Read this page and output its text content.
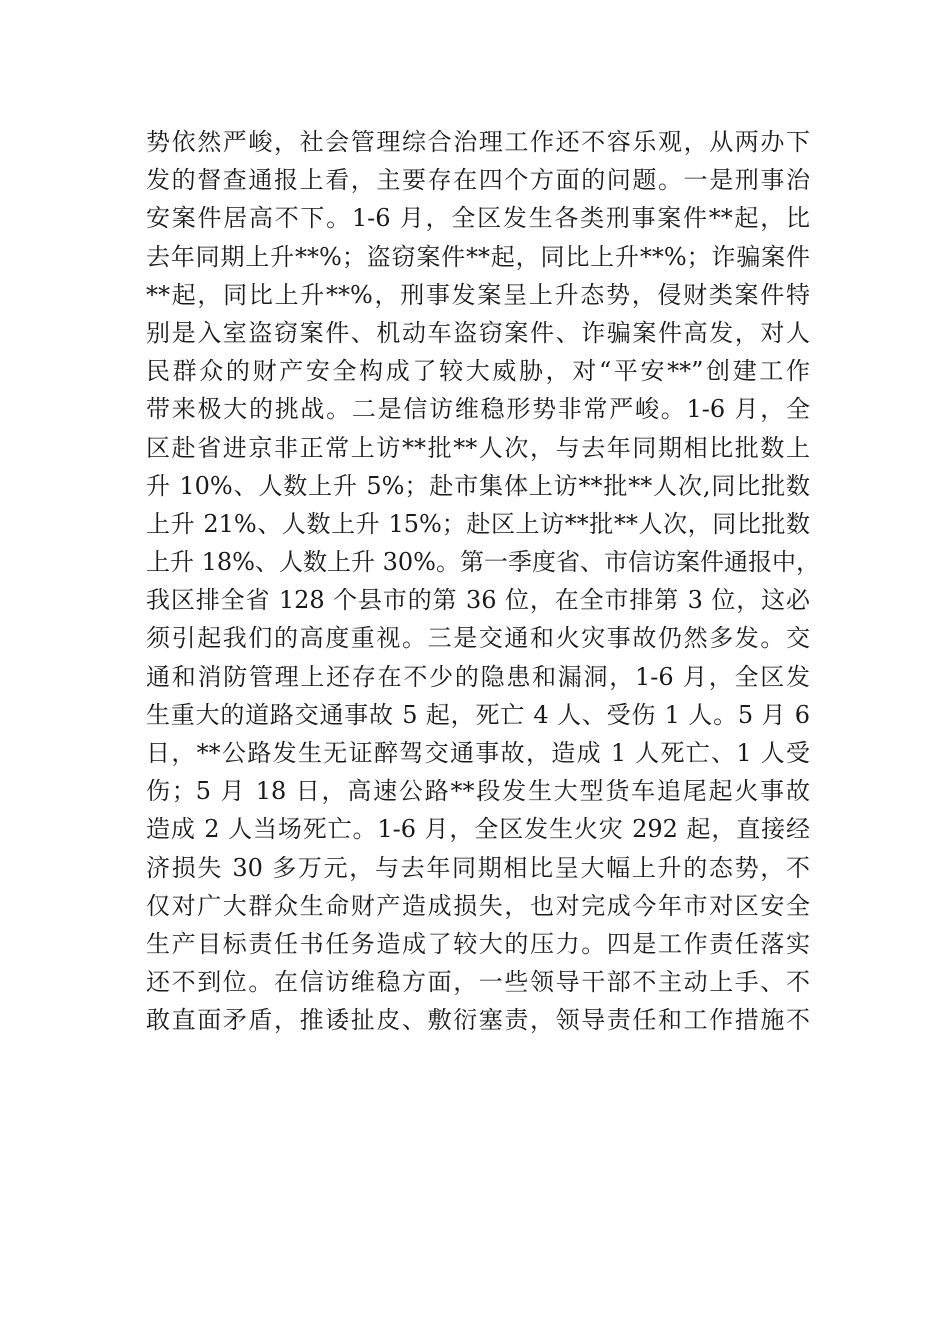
势依然严峻，社会管理综合治理工作还不容乐观，从两办下
发的督查通报上看，主要存在四个方面的问题。一是刑事治
安案件居高不下。1-6 月，全区发生各类刑事案件**起，比
去年同期上升**%；盗窃案件**起，同比上升**%；诈骗案件
**起，同比上升**%，刑事发案呈上升态势，侵财类案件特
别是入室盗窃案件、机动车盗窃案件、诈骗案件高发，对人
民群众的财产安全构成了较大威胁，对“平安**”创建工作
带来极大的挑战。二是信访维稳形势非常严峻。1-6 月，全
区赴省进京非正常上访**批**人次，与去年同期相比批数上
升 10%、人数上升 5%；赴市集体上访**批**人次,同比批数
上升 21%、人数上升 15%；赴区上访**批**人次，同比批数
上升 18%、人数上升 30%。第一季度省、市信访案件通报中，
我区排全省 128 个县市的第 36 位，在全市排第 3 位，这必
须引起我们的高度重视。三是交通和火灾事故仍然多发。交
通和消防管理上还存在不少的隐患和漏洞，1-6 月，全区发
生重大的道路交通事故 5 起，死亡 4 人、受伤 1 人。5 月 6
日，**公路发生无证醉驾交通事故，造成 1 人死亡、1 人受
伤；5 月 18 日，高速公路**段发生大型货车追尾起火事故
造成 2 人当场死亡。1-6 月，全区发生火灾 292 起，直接经
济损失 30 多万元，与去年同期相比呈大幅上升的态势，不
仅对广大群众生命财产造成损失，也对完成今年市对区安全
生产目标责任书任务造成了较大的压力。四是工作责任落实
还不到位。在信访维稳方面，一些领导干部不主动上手、不
敢直面矛盾，推诿扯皮、敷衍塞责，领导责任和工作措施不
